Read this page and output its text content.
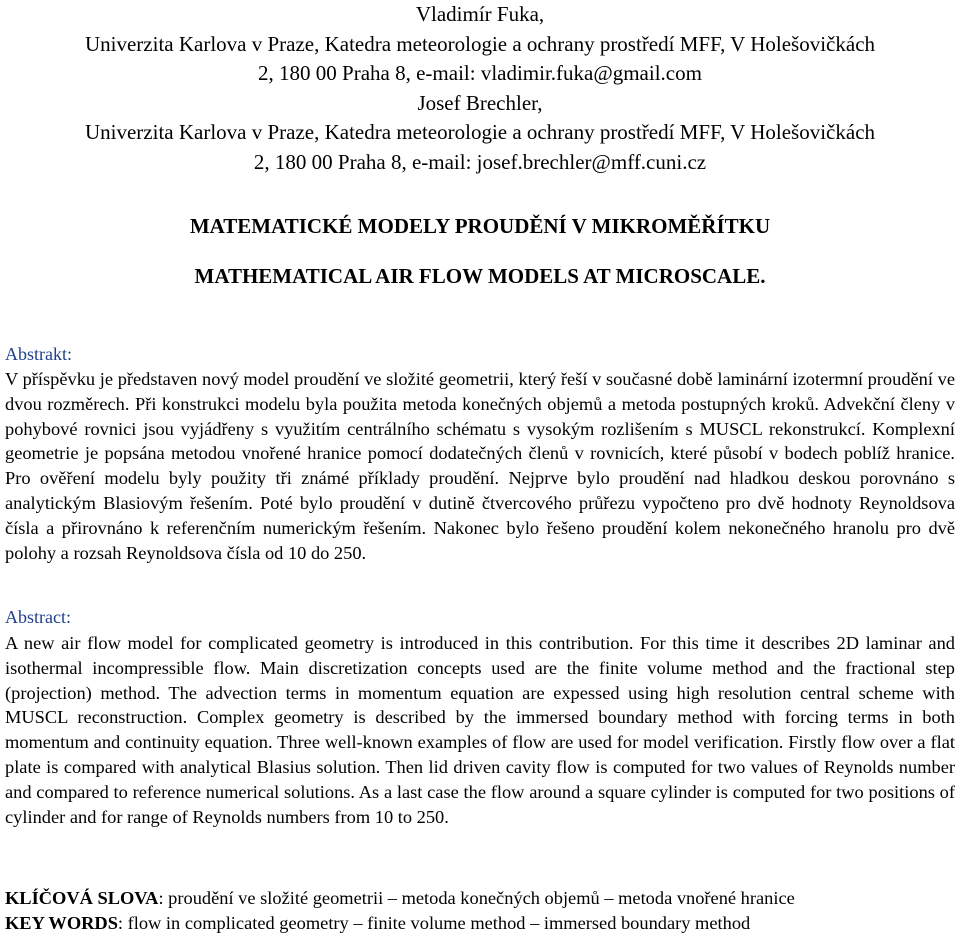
Vladimír Fuka,
Univerzita Karlova v Praze, Katedra meteorologie a ochrany prostředí MFF, V Holešovičkách
2, 180 00 Praha 8, e-mail: vladimir.fuka@gmail.com
Josef Brechler,
Univerzita Karlova v Praze, Katedra meteorologie a ochrany prostředí MFF, V Holešovičkách
2, 180 00 Praha 8, e-mail: josef.brechler@mff.cuni.cz
MATEMATICKÉ MODELY PROUDĚNÍ V MIKROMĚŘÍTKU
MATHEMATICAL AIR FLOW MODELS AT MICROSCALE.
Abstrakt:
V příspěvku je představen nový model proudění ve složité geometrii, který řeší v současné době laminární izotermní proudění ve dvou rozměrech. Při konstrukci modelu byla použita metoda konečných objemů a metoda postupných kroků. Advekční členy v pohybové rovnici jsou vyjádřeny s využitím centrálního schématu s vysokým rozlišením s MUSCL rekonstrukcí. Komplexní geometrie je popsána metodou vnořené hranice pomocí dodatečných členů v rovnicích, které působí v bodech poblíž hranice. Pro ověření modelu byly použity tři známé příklady proudění. Nejprve bylo proudění nad hladkou deskou porovnáno s analytickým Blasiovým řešením. Poté bylo proudění v dutině čtvercového průřezu vypočteno pro dvě hodnoty Reynoldsova čísla a přirovnáno k referenčním numerickým řešením. Nakonec bylo řešeno proudění kolem nekonečného hranolu pro dvě polohy a rozsah Reynoldsova čísla od 10 do 250.
Abstract:
A new air flow model for complicated geometry is introduced in this contribution. For this time it describes 2D laminar and isothermal incompressible flow. Main discretization concepts used are the finite volume method and the fractional step (projection) method. The advection terms in momentum equation are expessed using high resolution central scheme with MUSCL reconstruction. Complex geometry is described by the immersed boundary method with forcing terms in both momentum and continuity equation. Three well-known examples of flow are used for model verification. Firstly flow over a flat plate is compared with analytical Blasius solution. Then lid driven cavity flow is computed for two values of Reynolds number and compared to reference numerical solutions. As a last case the flow around a square cylinder is computed for two positions of cylinder and for range of Reynolds numbers from 10 to 250.
KLÍČOVÁ SLOVA: proudění ve složité geometrii – metoda konečných objemů – metoda vnořené hranice
KEY WORDS: flow in complicated geometry – finite volume method – immersed boundary method
